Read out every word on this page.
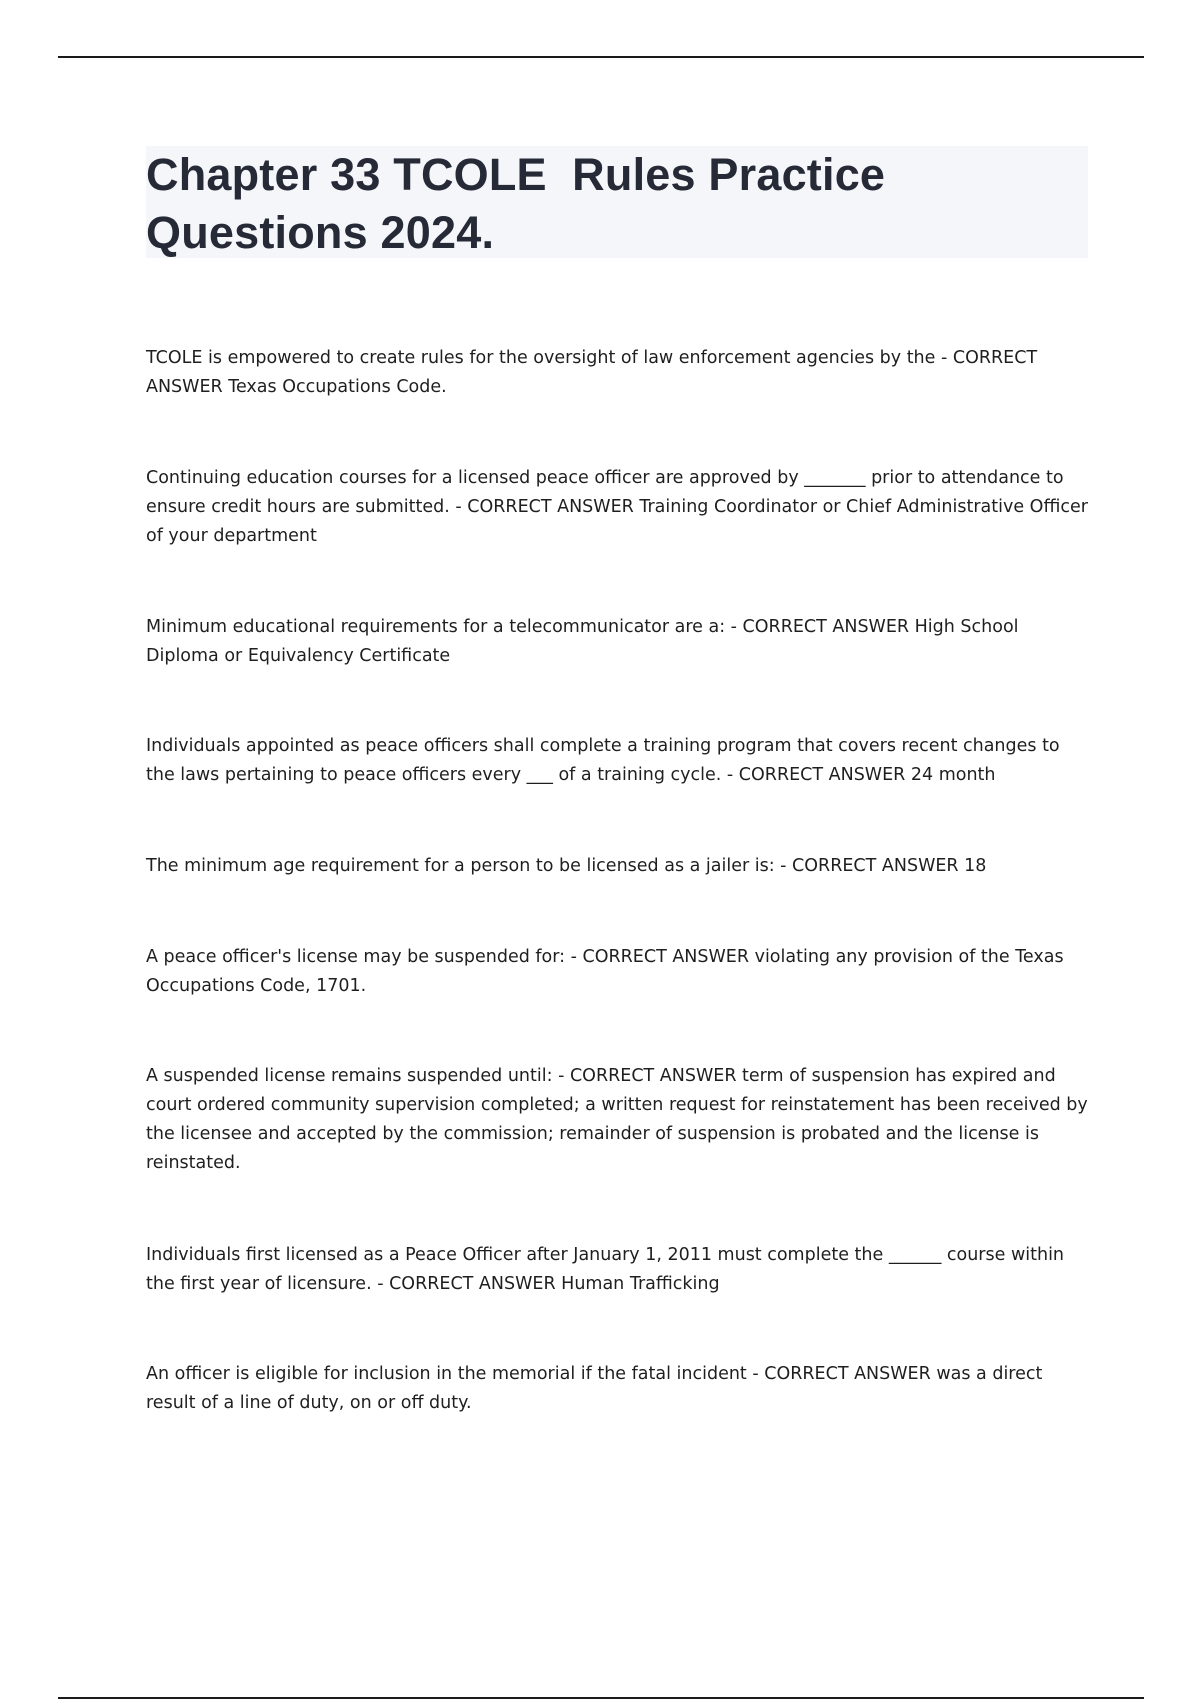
Chapter 33 TCOLE  Rules Practice Questions 2024.

TCOLE is empowered to create rules for the oversight of law enforcement agencies by the - CORRECT ANSWER Texas Occupations Code.

Continuing education courses for a licensed peace officer are approved by _______ prior to attendance to ensure credit hours are submitted. - CORRECT ANSWER Training Coordinator or Chief Administrative Officer of your department

Minimum educational requirements for a telecommunicator are a: - CORRECT ANSWER High School Diploma or Equivalency Certificate

Individuals appointed as peace officers shall complete a training program that covers recent changes to the laws pertaining to peace officers every ___ of a training cycle. - CORRECT ANSWER 24 month

The minimum age requirement for a person to be licensed as a jailer is: - CORRECT ANSWER 18

A peace officer's license may be suspended for: - CORRECT ANSWER violating any provision of the Texas Occupations Code, 1701.

A suspended license remains suspended until: - CORRECT ANSWER term of suspension has expired and court ordered community supervision completed; a written request for reinstatement has been received by the licensee and accepted by the commission; remainder of suspension is probated and the license is reinstated.

Individuals first licensed as a Peace Officer after January 1, 2011 must complete the ______ course within the first year of licensure. - CORRECT ANSWER Human Trafficking

An officer is eligible for inclusion in the memorial if the fatal incident - CORRECT ANSWER was a direct result of a line of duty, on or off duty.
